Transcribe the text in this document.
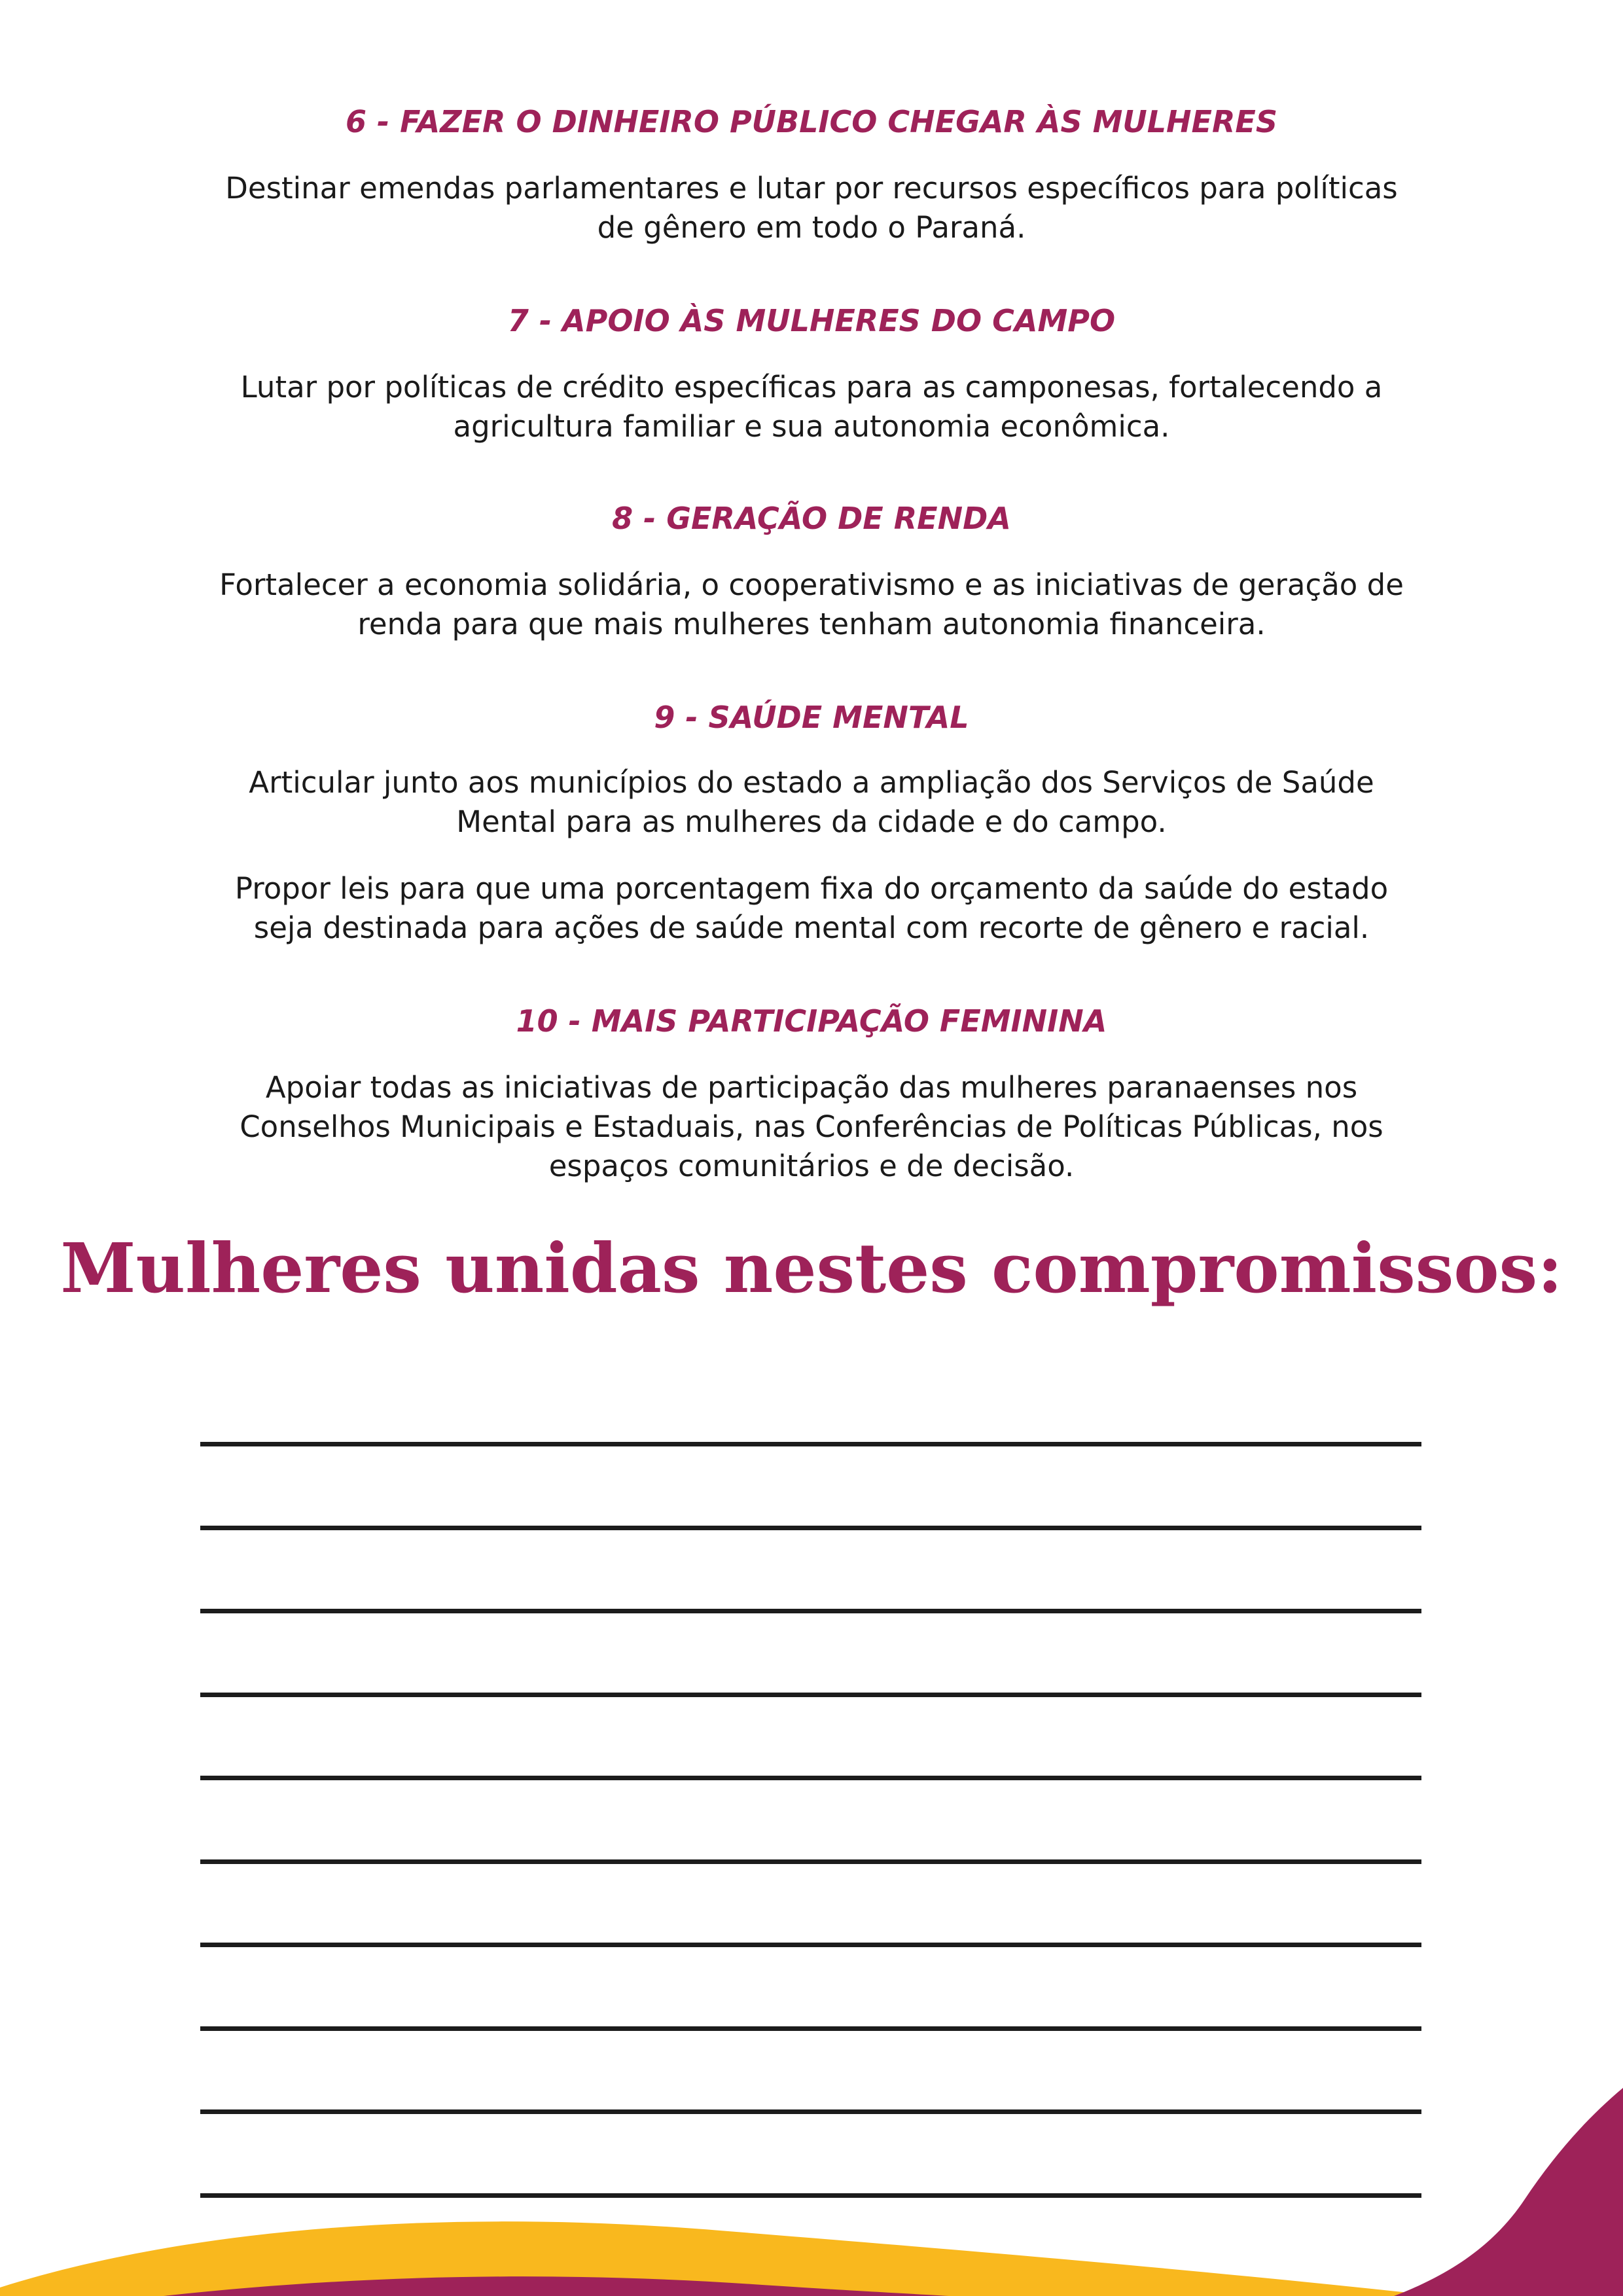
6 - FAZER O DINHEIRO PÚBLICO CHEGAR ÀS MULHERES

Destinar emendas parlamentares e lutar por recursos específicos para políticas
de gênero em todo o Paraná.

7 - APOIO ÀS MULHERES DO CAMPO

Lutar por políticas de crédito específicas para as camponesas, fortalecendo a
agricultura familiar e sua autonomia econômica.

8 - GERAÇÃO DE RENDA

Fortalecer a economia solidária, o cooperativismo e as iniciativas de geração de
renda para que mais mulheres tenham autonomia financeira.

9 - SAÚDE MENTAL

Articular junto aos municípios do estado a ampliação dos Serviços de Saúde
Mental para as mulheres da cidade e do campo.

Propor leis para que uma porcentagem fixa do orçamento da saúde do estado
seja destinada para ações de saúde mental com recorte de gênero e racial.

10 - MAIS PARTICIPAÇÃO FEMININA

Apoiar todas as iniciativas de participação das mulheres paranaenses nos
Conselhos Municipais e Estaduais, nas Conferências de Políticas Públicas, nos
espaços comunitários e de decisão.

Mulheres unidas nestes compromissos:
